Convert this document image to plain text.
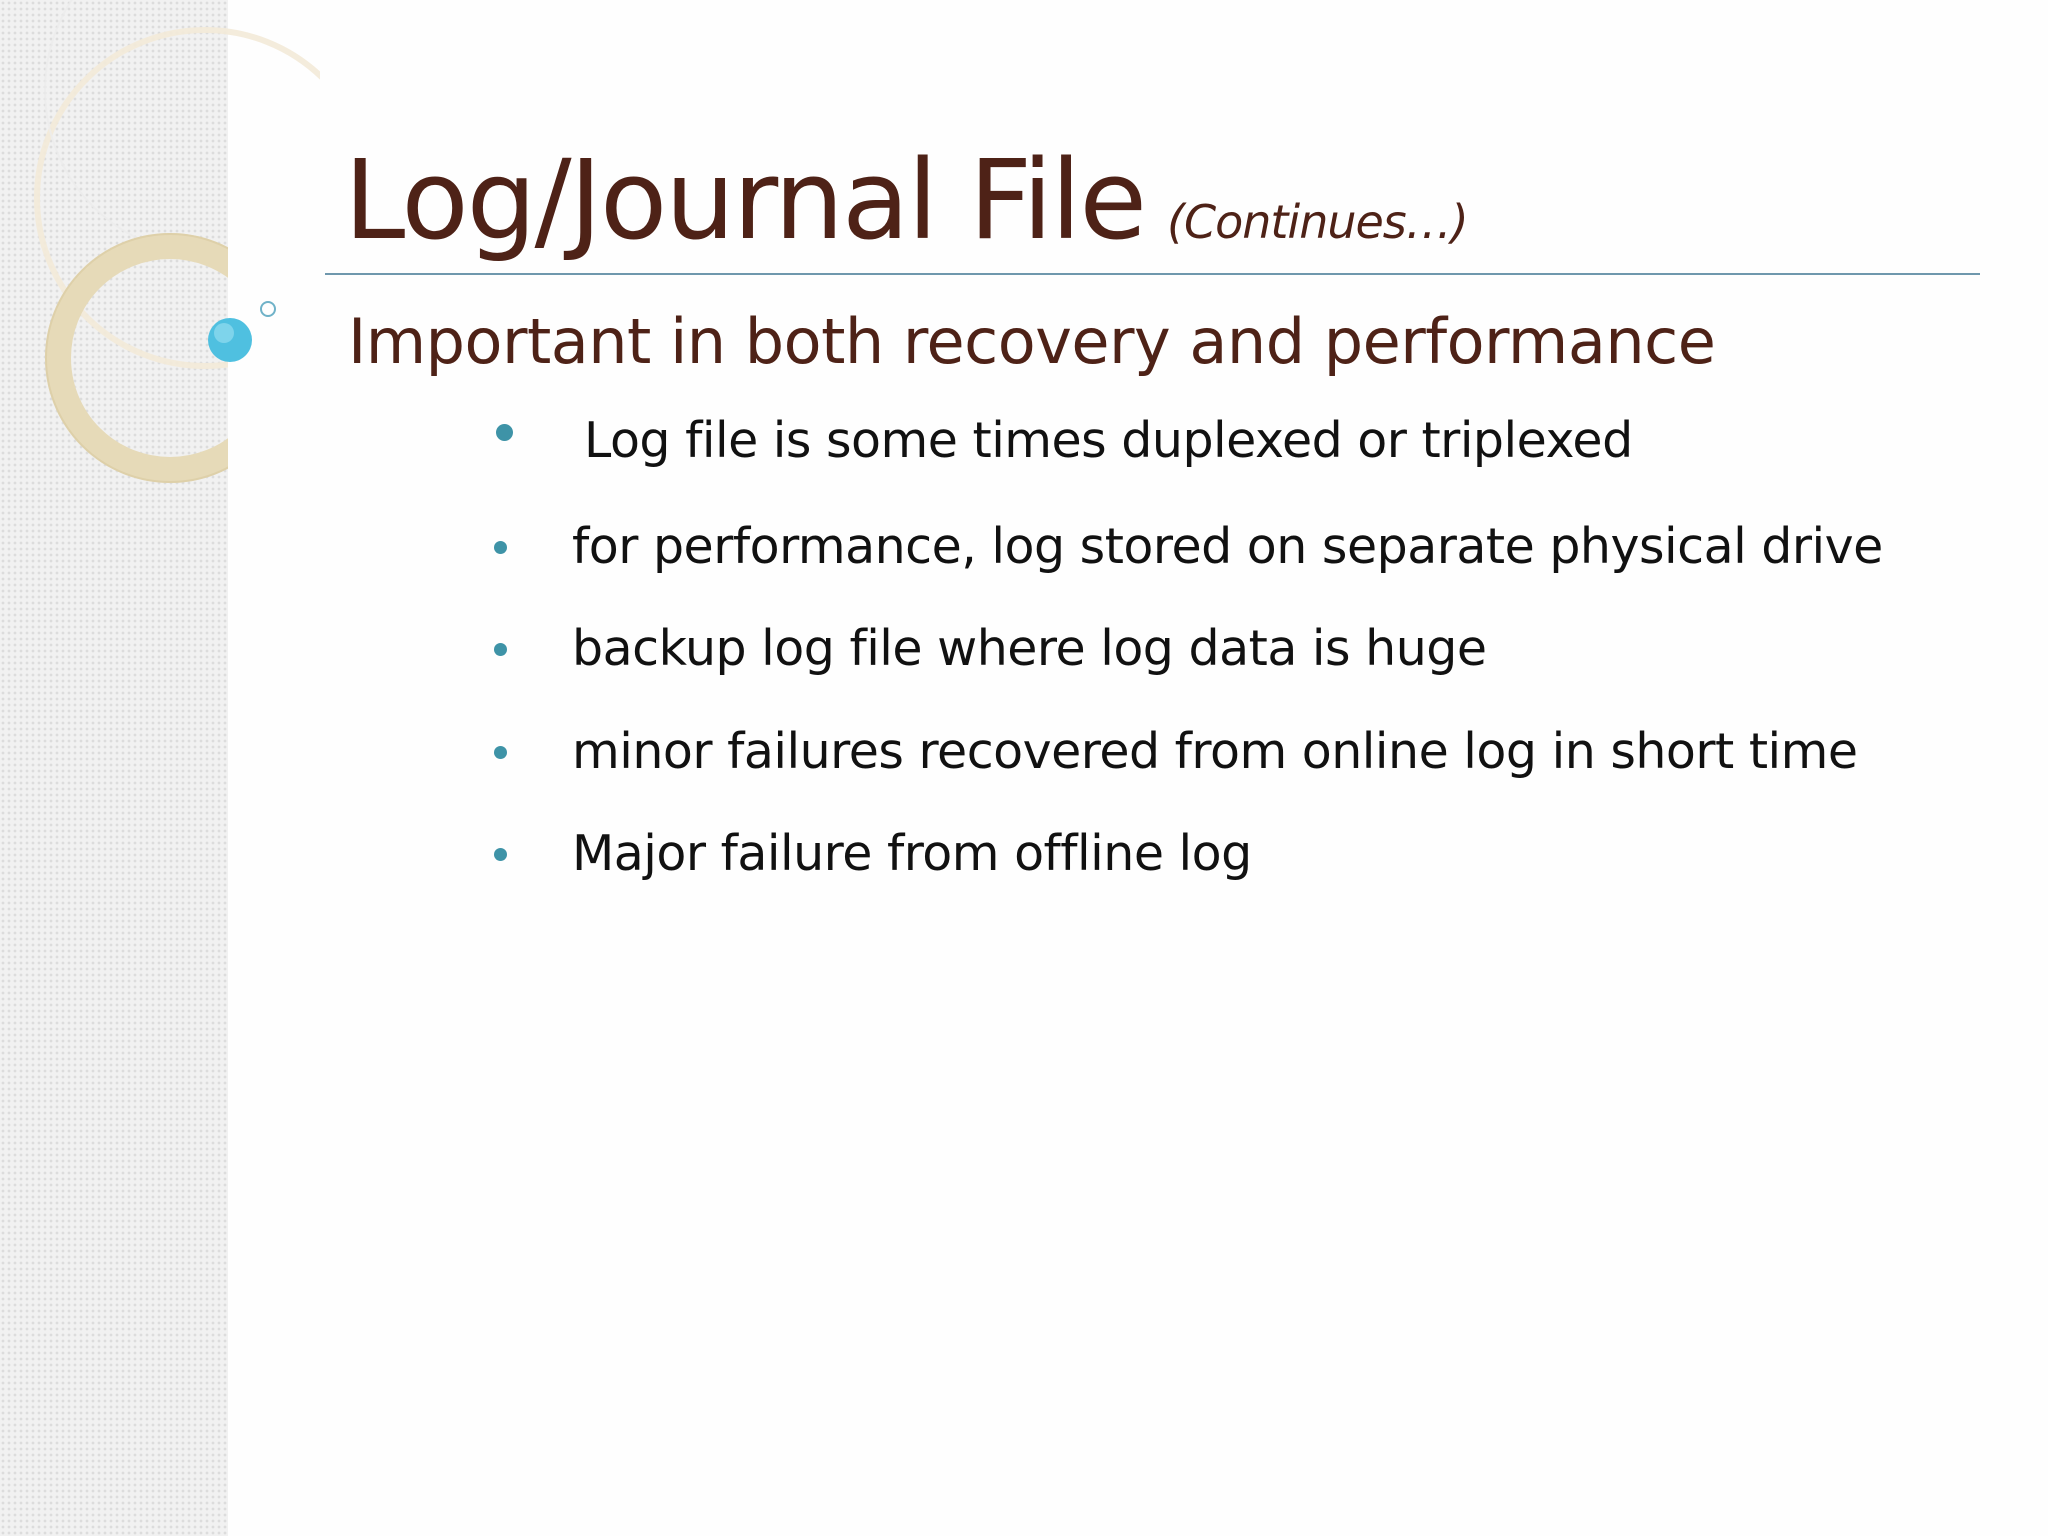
Log/Journal File (Continues…)
Important in both recovery and performance
Log file is some times duplexed or triplexed
for performance, log stored on separate physical drive
backup log file where log data is huge
minor failures recovered from online log in short time
Major failure from offline log
